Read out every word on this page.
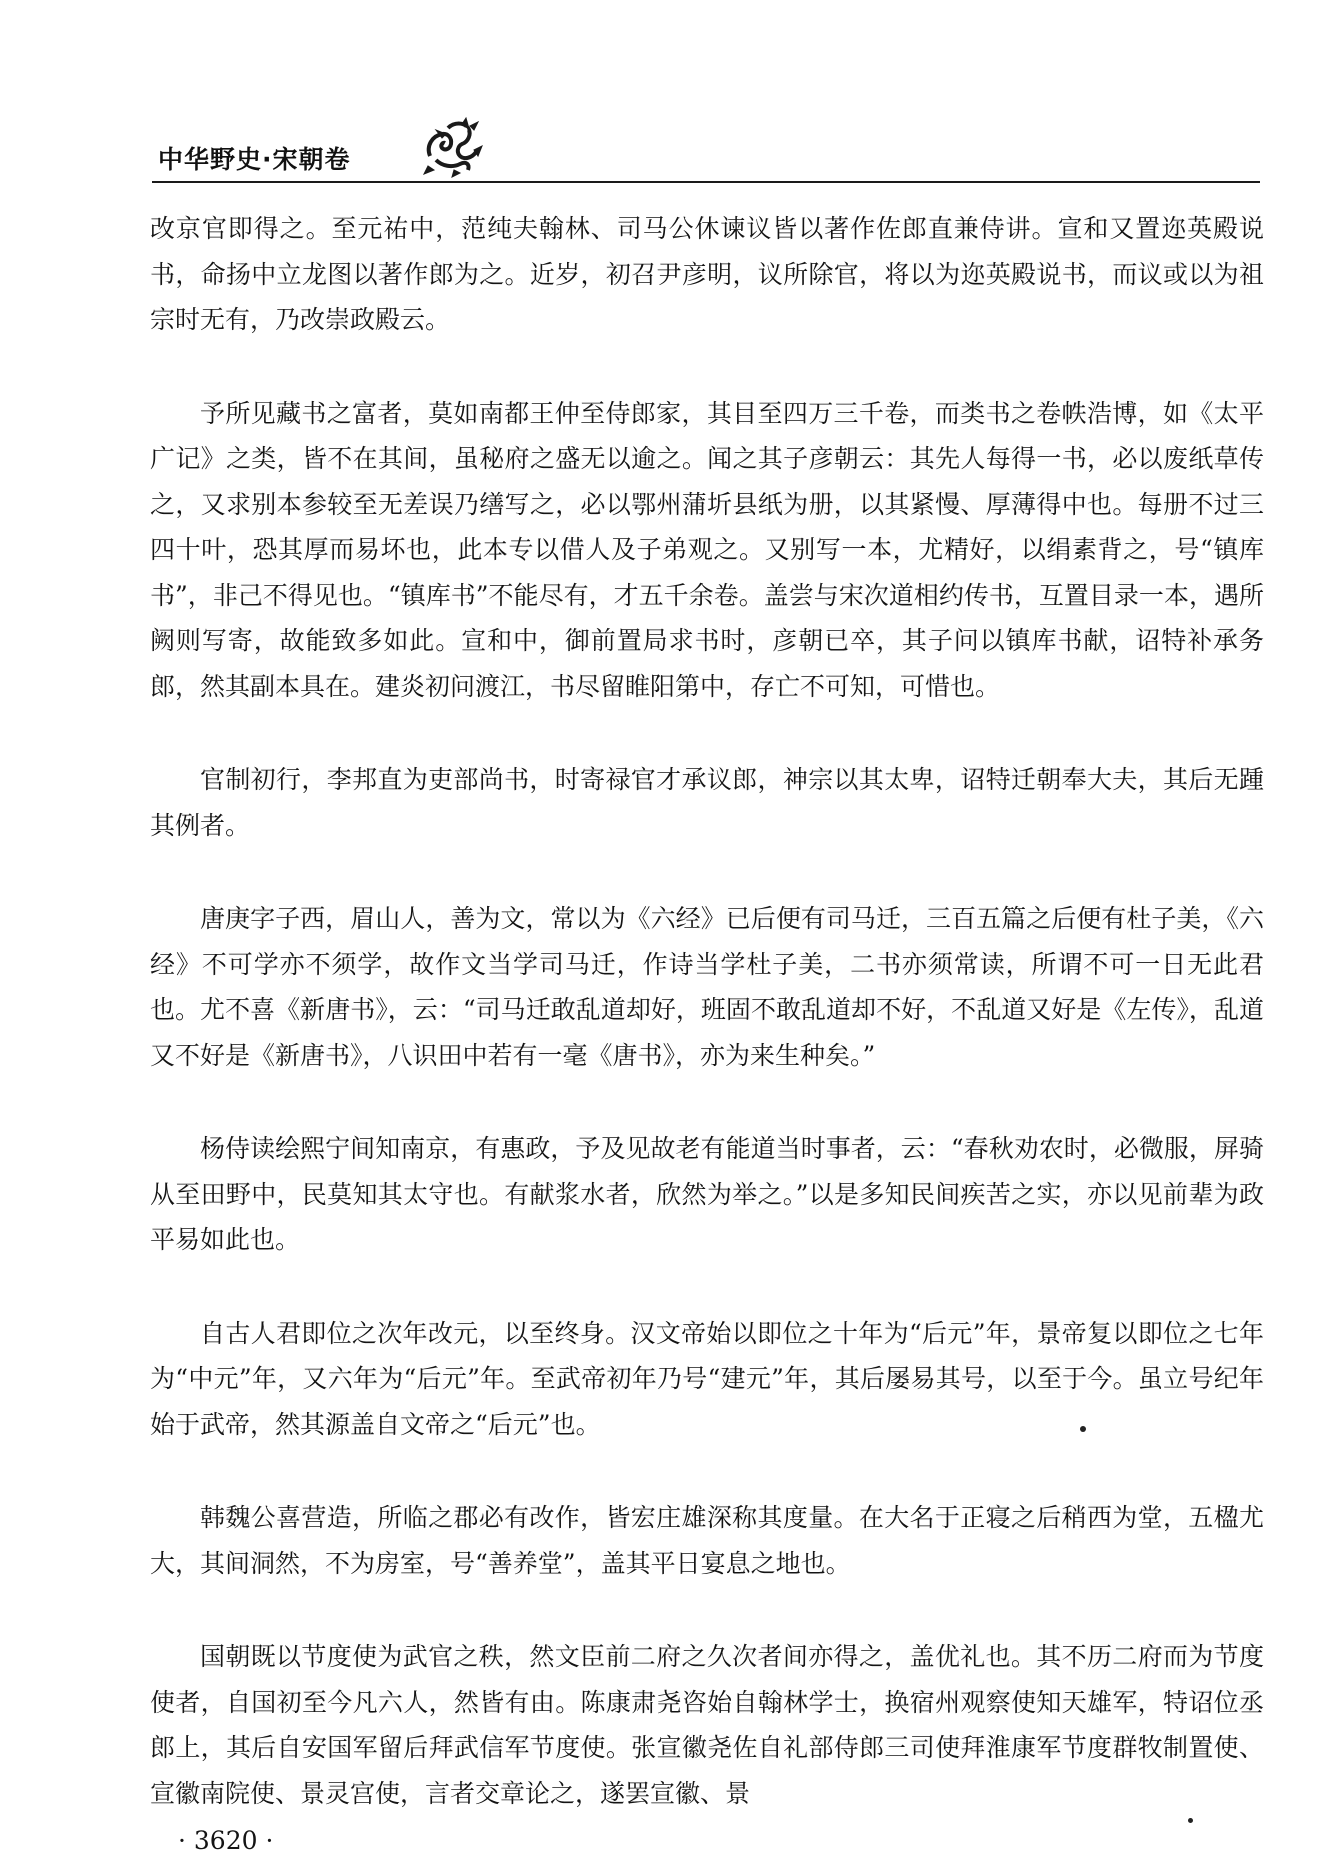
中华野史·宋朝卷

改京官即得之。至元祐中，范纯夫翰林、司马公休谏议皆以著作佐郎直兼侍讲。宣和又置迩英殿说书，命扬中立龙图以著作郎为之。近岁，初召尹彦明，议所除官，将以为迩英殿说书，而议或以为祖宗时无有，乃改崇政殿云。

予所见藏书之富者，莫如南都王仲至侍郎家，其目至四万三千卷，而类书之卷帙浩博，如《太平广记》之类，皆不在其间，虽秘府之盛无以逾之。闻之其子彦朝云：其先人每得一书，必以废纸草传之，又求别本参较至无差误乃缮写之，必以鄂州蒲圻县纸为册，以其紧慢、厚薄得中也。每册不过三四十叶，恐其厚而易坏也，此本专以借人及子弟观之。又别写一本，尤精好，以绢素背之，号“镇库书”，非己不得见也。“镇库书”不能尽有，才五千余卷。盖尝与宋次道相约传书，互置目录一本，遇所阙则写寄，故能致多如此。宣和中，御前置局求书时，彦朝已卒，其子问以镇库书献，诏特补承务郎，然其副本具在。建炎初问渡江，书尽留睢阳第中，存亡不可知，可惜也。

官制初行，李邦直为吏部尚书，时寄禄官才承议郎，神宗以其太卑，诏特迁朝奉大夫，其后无踵其例者。

唐庚字子西，眉山人，善为文，常以为《六经》已后便有司马迁，三百五篇之后便有杜子美，《六经》不可学亦不须学，故作文当学司马迁，作诗当学杜子美，二书亦须常读，所谓不可一日无此君也。尤不喜《新唐书》，云：“司马迁敢乱道却好，班固不敢乱道却不好，不乱道又好是《左传》，乱道又不好是《新唐书》，八识田中若有一毫《唐书》，亦为来生种矣。”

杨侍读绘熙宁间知南京，有惠政，予及见故老有能道当时事者，云：“春秋劝农时，必微服，屏骑从至田野中，民莫知其太守也。有献浆水者，欣然为举之。”以是多知民间疾苦之实，亦以见前辈为政平易如此也。

自古人君即位之次年改元，以至终身。汉文帝始以即位之十年为“后元”年，景帝复以即位之七年为“中元”年，又六年为“后元”年。至武帝初年乃号“建元”年，其后屡易其号，以至于今。虽立号纪年始于武帝，然其源盖自文帝之“后元”也。

韩魏公喜营造，所临之郡必有改作，皆宏庄雄深称其度量。在大名于正寝之后稍西为堂，五楹尤大，其间洞然，不为房室，号“善养堂”，盖其平日宴息之地也。

国朝既以节度使为武官之秩，然文臣前二府之久次者间亦得之，盖优礼也。其不历二府而为节度使者，自国初至今凡六人，然皆有由。陈康肃尧咨始自翰林学士，换宿州观察使知天雄军，特诏位丞郎上，其后自安国军留后拜武信军节度使。张宣徽尧佐自礼部侍郎三司使拜淮康军节度群牧制置使、宣徽南院使、景灵宫使，言者交章论之，遂罢宣徽、景

· 3620 ·
